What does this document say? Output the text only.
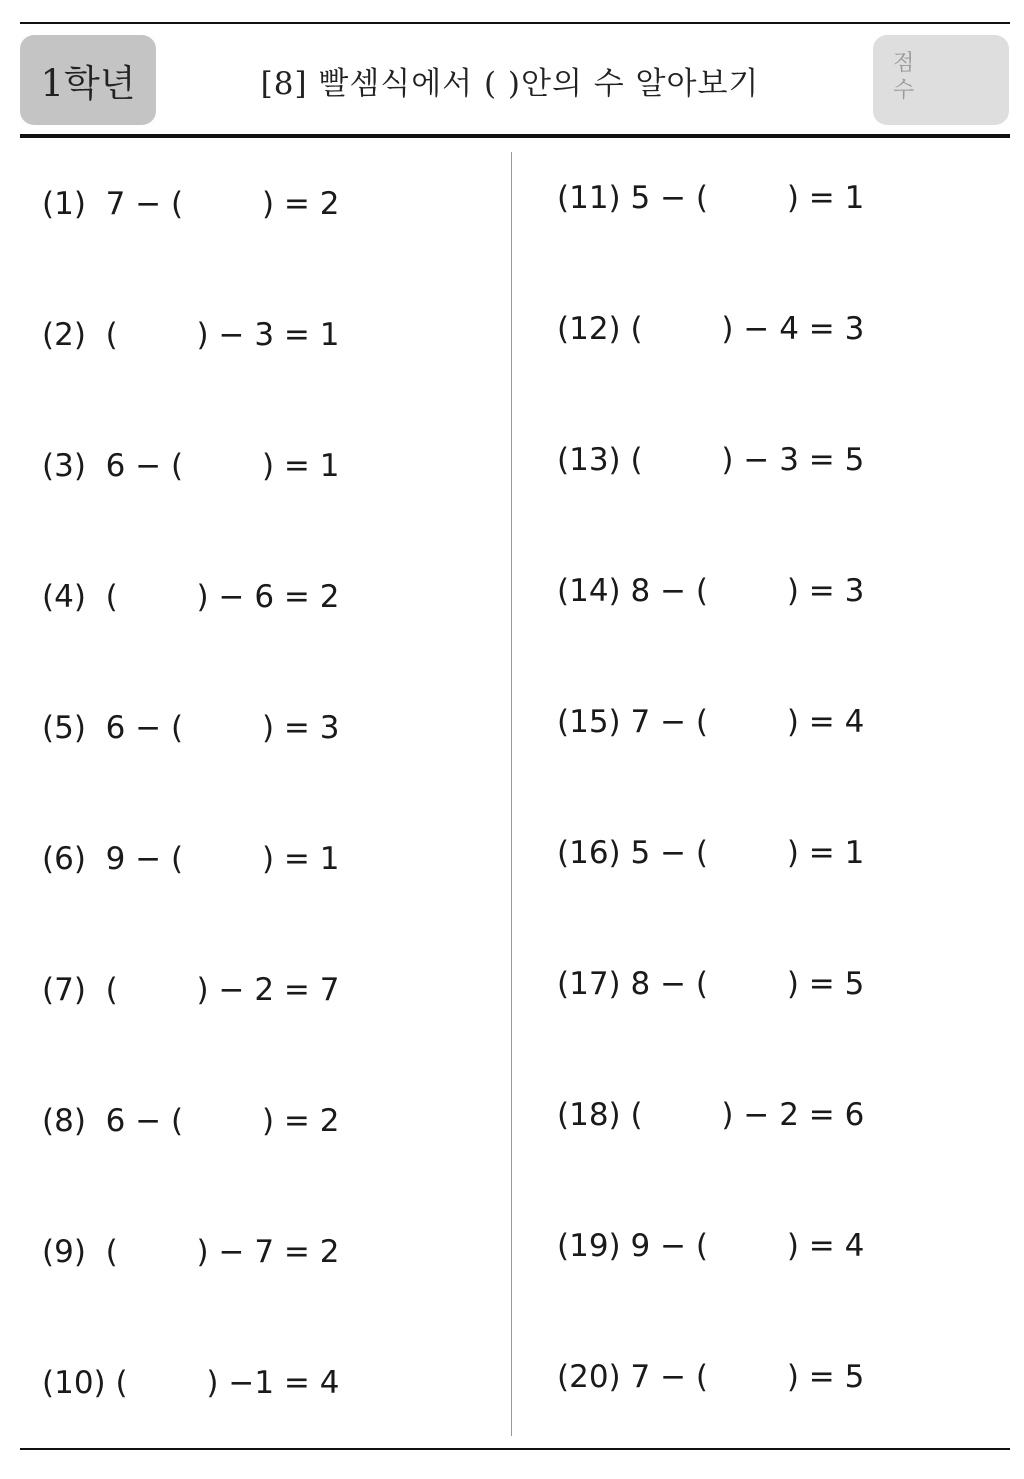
1학년	[8] 빨셈식에서 ( )안의 수 알아보기
점수
(1)  7 − (        ) = 2
(2)  (        ) − 3 = 1
(3)  6 − (        ) = 1
(4)  (        ) − 6 = 2
(5)  6 − (        ) = 3
(6)  9 − (        ) = 1
(7)  (        ) − 2 = 7
(8)  6 − (        ) = 2
(9)  (        ) − 7 = 2
(10) (        ) −1 = 4
(11) 5 − (        ) = 1
(12) (        ) − 4 = 3
(13) (        ) − 3 = 5
(14) 8 − (        ) = 3
(15) 7 − (        ) = 4
(16) 5 − (        ) = 1
(17) 8 − (        ) = 5
(18) (        ) − 2 = 6
(19) 9 − (        ) = 4
(20) 7 − (        ) = 5
